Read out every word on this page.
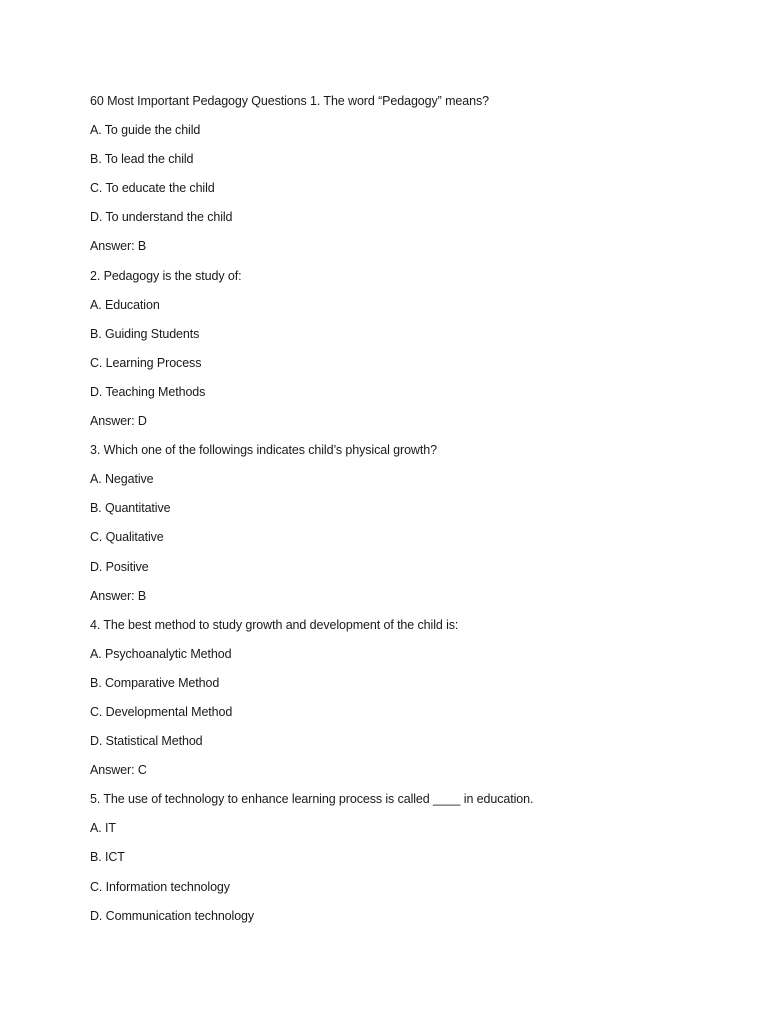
60 Most Important Pedagogy Questions 1. The word “Pedagogy” means?
A. To guide the child
B. To lead the child
C. To educate the child
D. To understand the child
Answer: B
2. Pedagogy is the study of:
A. Education
B. Guiding Students
C. Learning Process
D. Teaching Methods
Answer: D
3. Which one of the followings indicates child’s physical growth?
A. Negative
B. Quantitative
C. Qualitative
D. Positive
Answer: B
4. The best method to study growth and development of the child is:
A. Psychoanalytic Method
B. Comparative Method
C. Developmental Method
D. Statistical Method
Answer: C
5. The use of technology to enhance learning process is called ____ in education.
A. IT
B. ICT
C. Information technology
D. Communication technology
